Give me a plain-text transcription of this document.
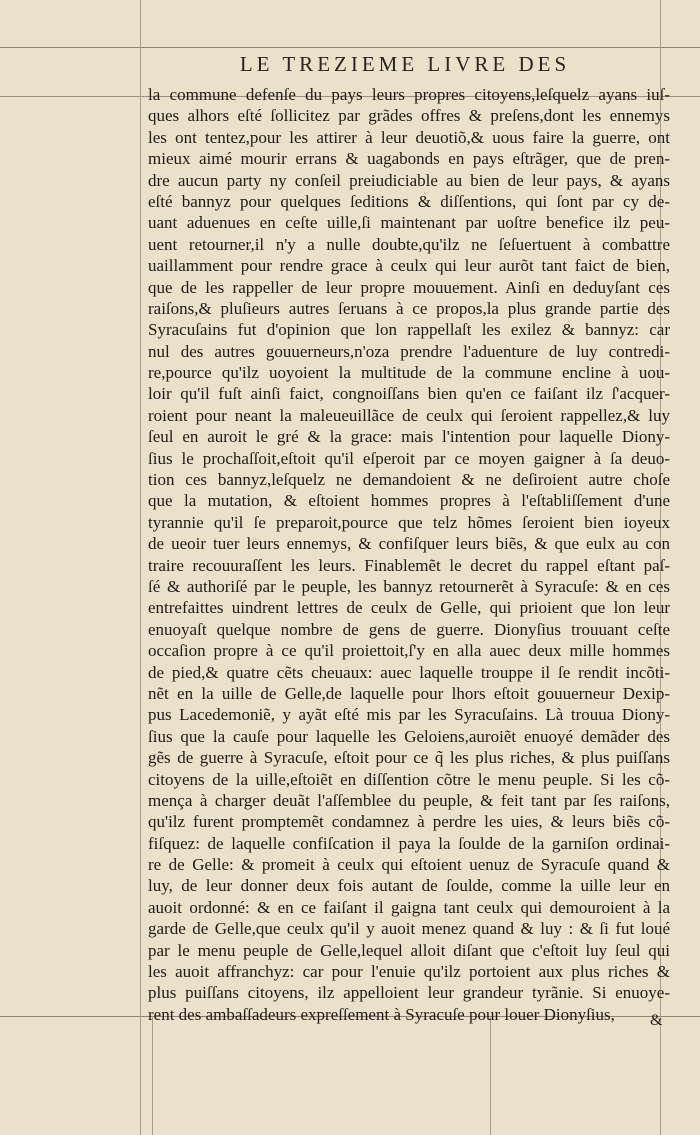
LE TREZIEME LIVRE DES
la commune defenſe du pays leurs propres citoyens,leſquelz ayans iuſ-
ques alhors eſté ſollicitez par grãdes offres & preſens,dont les ennemys
les ont tentez,pour les attirer à leur deuotiõ,& uous faire la guerre, ont
mieux aimé mourir errans & uagabonds en pays eſtrãger, que de pren-
dre aucun party ny conſeil preiudiciable au bien de leur pays, & ayans
eſté bannyz pour quelques ſeditions & diſſentions, qui ſont par cy de-
uant aduenues en ceſte uille,ſi maintenant par uoſtre benefice ilz peu-
uent retourner,il n'y a nulle doubte,qu'ilz ne ſeſuertuent à combattre
uaillamment pour rendre grace à ceulx qui leur aurõt tant faict de bien,
que de les rappeller de leur propre mouuement. Ainſi en deduyſant ces
raiſons,& pluſieurs autres ſeruans à ce propos,la plus grande partie des
Syracuſains fut d'opinion que lon rappellaſt les exilez & bannyz: car
nul des autres gouuerneurs,n'oza prendre l'aduenture de luy contredi-
re,pource qu'ilz uoyoient la multitude de la commune encline à uou-
loir qu'il fuſt ainſi faict, congnoiſſans bien qu'en ce faiſant ilz ſ'acquer-
roient pour neant la maleueuillãce de ceulx qui ſeroient rappellez,& luy
ſeul en auroit le gré & la grace: mais l'intention pour laquelle Diony-
ſius le prochaſſoit,eſtoit qu'il eſperoit par ce moyen gaigner à ſa deuo-
tion ces bannyz,leſquelz ne demandoient & ne deſiroient autre choſe
que la mutation, & eſtoient hommes propres à l'eſtabliſſement d'une
tyrannie qu'il ſe preparoit,pource que telz hõmes ſeroient bien ioyeux
de ueoir tuer leurs ennemys, & confiſquer leurs biẽs, & que eulx au con
traire recouuraſſent les leurs. Finablemẽt le decret du rappel eſtant paſ-
ſé & authoriſé par le peuple, les bannyz retournerẽt à Syracuſe: & en ces
entrefaittes uindrent lettres de ceulx de Gelle, qui prioient que lon leur
enuoyaſt quelque nombre de gens de guerre. Dionyſius trouuant ceſte
occaſion propre à ce qu'il proiettoit,ſ'y en alla auec deux mille hommes
de pied,& quatre cẽts cheuaux: auec laquelle trouppe il ſe rendit incõti-
nẽt en la uille de Gelle,de laquelle pour lhors eſtoit gouuerneur Dexip-
pus Lacedemoniẽ, y ayãt eſté mis par les Syracuſains. Là trouua Diony-
ſius que la cauſe pour laquelle les Geloiens,auroiẽt enuoyé demãder des
gẽs de guerre à Syracuſe, eſtoit pour ce q̃ les plus riches, & plus puiſſans
citoyens de la uille,eſtoiẽt en diſſention cõtre le menu peuple. Si les cõ-
mença à charger deuãt l'aſſemblee du peuple, & feit tant par ſes raiſons,
qu'ilz furent promptemẽt condamnez à perdre les uies, & leurs biẽs cõ-
fiſquez: de laquelle confiſcation il paya la ſoulde de la garniſon ordinai-
re de Gelle: & promeit à ceulx qui eſtoient uenuz de Syracuſe quand &
luy, de leur donner deux fois autant de ſoulde, comme la uille leur en
auoit ordonné: & en ce faiſant il gaigna tant ceulx qui demouroient à la
garde de Gelle,que ceulx qu'il y auoit menez quand & luy : & ſi fut loué
par le menu peuple de Gelle,lequel alloit diſant que c'eſtoit luy ſeul qui
les auoit affranchyz: car pour l'enuie qu'ilz portoient aux plus riches &
plus puiſſans citoyens, ilz appelloient leur grandeur tyrãnie. Si enuoye-
rent des ambaſſadeurs expreſſement à Syracuſe pour louer Dionyſius,	&
